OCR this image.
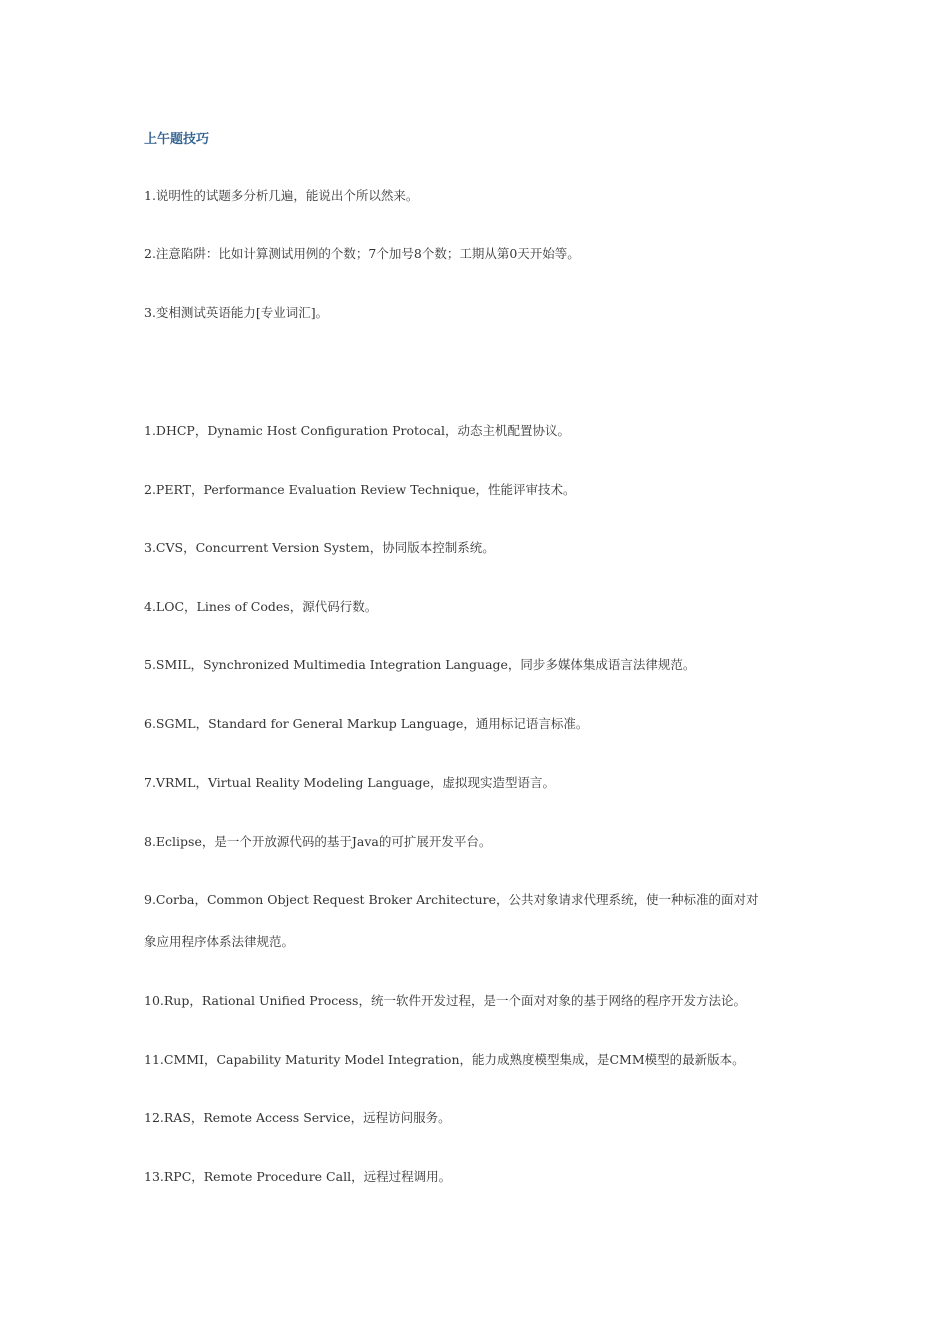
上午题技巧
1.说明性的试题多分析几遍，能说出个所以然来。
2.注意陷阱：比如计算测试用例的个数；7个加号8个数；工期从第0天开始等。
3.变相测试英语能力[专业词汇]。
1.DHCP，Dynamic Host Configuration Protocal，动态主机配置协议。
2.PERT，Performance Evaluation Review Technique，性能评审技术。
3.CVS，Concurrent Version System，协同版本控制系统。
4.LOC，Lines of Codes，源代码行数。
5.SMIL，Synchronized Multimedia Integration Language，同步多媒体集成语言法律规范。
6.SGML，Standard for General Markup Language，通用标记语言标准。
7.VRML，Virtual Reality Modeling Language，虚拟现实造型语言。
8.Eclipse，是一个开放源代码的基于Java的可扩展开发平台。
9.Corba，Common Object Request Broker Architecture，公共对象请求代理系统，使一种标准的面对对
象应用程序体系法律规范。
10.Rup，Rational Unified Process，统一软件开发过程，是一个面对对象的基于网络的程序开发方法论。
11.CMMI，Capability Maturity Model Integration，能力成熟度模型集成，是CMM模型的最新版本。
12.RAS，Remote Access Service，远程访问服务。
13.RPC，Remote Procedure Call，远程过程调用。
